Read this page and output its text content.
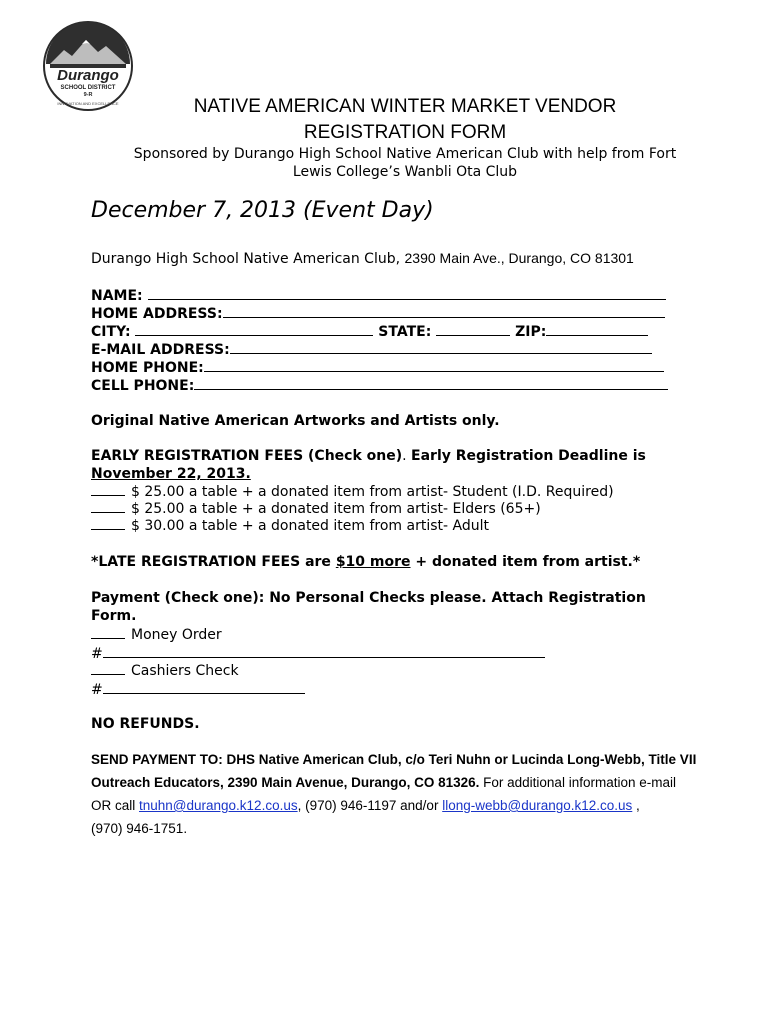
Durango
SCHOOL DISTRICT
9-R
INNOVATION AND EXCELLENCE	NATIVE AMERICAN WINTER MARKET VENDOR
REGISTRATION FORM
Sponsored by Durango High School Native American Club with help from Fort
Lewis College’s Wanbli Ota Club
December 7, 2013 (Event Day)
Durango High School Native American Club, 2390 Main Ave., Durango, CO 81301
NAME:
HOME ADDRESS:
CITY:	STATE:	ZIP:
E-MAIL ADDRESS:
HOME PHONE:
CELL PHONE:
Original Native American Artworks and Artists only.
EARLY REGISTRATION FEES (Check one). Early Registration Deadline is
November 22, 2013.
$ 25.00 a table + a donated item from artist- Student (I.D. Required)
$ 25.00 a table + a donated item from artist- Elders (65+)
$ 30.00 a table + a donated item from artist- Adult
*LATE REGISTRATION FEES are $10 more + donated item from artist.*
Payment (Check one): No Personal Checks please. Attach Registration
Form.
Money Order
#
Cashiers Check
#
NO REFUNDS.
SEND PAYMENT TO: DHS Native American Club, c/o Teri Nuhn or Lucinda Long-Webb, Title VII
Outreach Educators, 2390 Main Avenue, Durango, CO 81326. For additional information e-mail
OR call tnuhn@durango.k12.co.us, (970) 946-1197 and/or llong-webb@durango.k12.co.us ,
(970) 946-1751.
